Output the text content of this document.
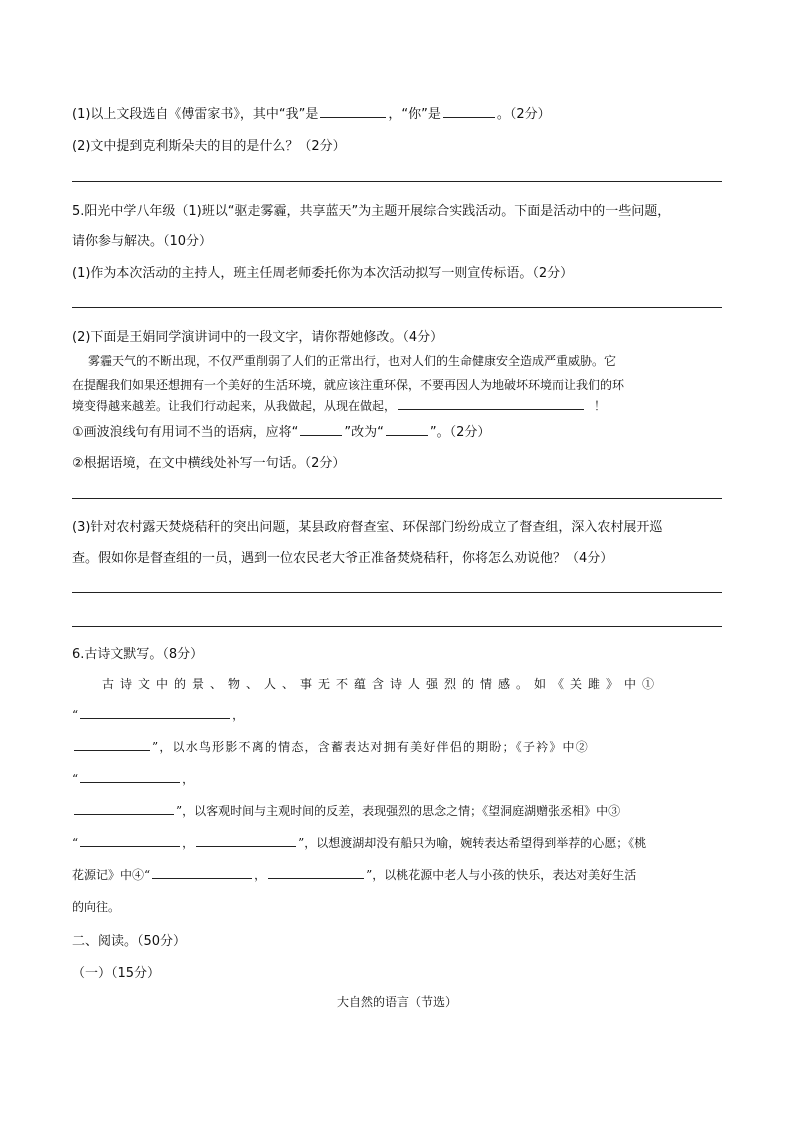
(1)以上文段选自《傅雷家书》，其中“我”是	，“你”是	。（2分）
(2)文中提到克利斯朵夫的目的是什么？（2分）
5.阳光中学八年级（1)班以“驱走雾霾，共享蓝天”为主题开展综合实践活动。下面是活动中的一些问题，
请你参与解决。（10分）
(1)作为本次活动的主持人，班主任周老师委托你为本次活动拟写一则宣传标语。（2分）
(2)下面是王娟同学演讲词中的一段文字，请你帮她修改。（4分）
雾霾天气的不断出现，不仅严重削弱了人们的正常出行，也对人们的生命健康安全造成严重威胁。它
在提醒我们如果还想拥有一个美好的生活环境，就应该注重环保，不要再因人为地破坏环境而让我们的环
境变得越来越差。让我们行动起来，从我做起，从现在做起，	！
①画波浪线句有用词不当的语病，应将“	”改为“	”。（2分）
②根据语境，在文中横线处补写一句话。（2分）
(3)针对农村露天焚烧秸秆的突出问题，某县政府督查室、环保部门纷纷成立了督查组，深入农村展开巡
查。假如你是督查组的一员，遇到一位农民老大爷正准备焚烧秸秆，你将怎么劝说他？（4分）
6.古诗文默写。（8分）
古诗文中的景、物、人、事无不蕴含诗人强烈的情感。如《关雎》中①
“	，
”，以水鸟形影不离的情态，含蓄表达对拥有美好伴侣的期盼；《子衿》中②
“	，
”，以客观时间与主观时间的反差，表现强烈的思念之情；《望洞庭湖赠张丞相》中③
“	，	”，以想渡湖却没有船只为喻，婉转表达希望得到举荐的心愿；《桃
花源记》中④“	，	”，以桃花源中老人与小孩的快乐，表达对美好生活
的向往。
二、阅读。（50分）
（一）（15分）
大自然的语言（节选）
